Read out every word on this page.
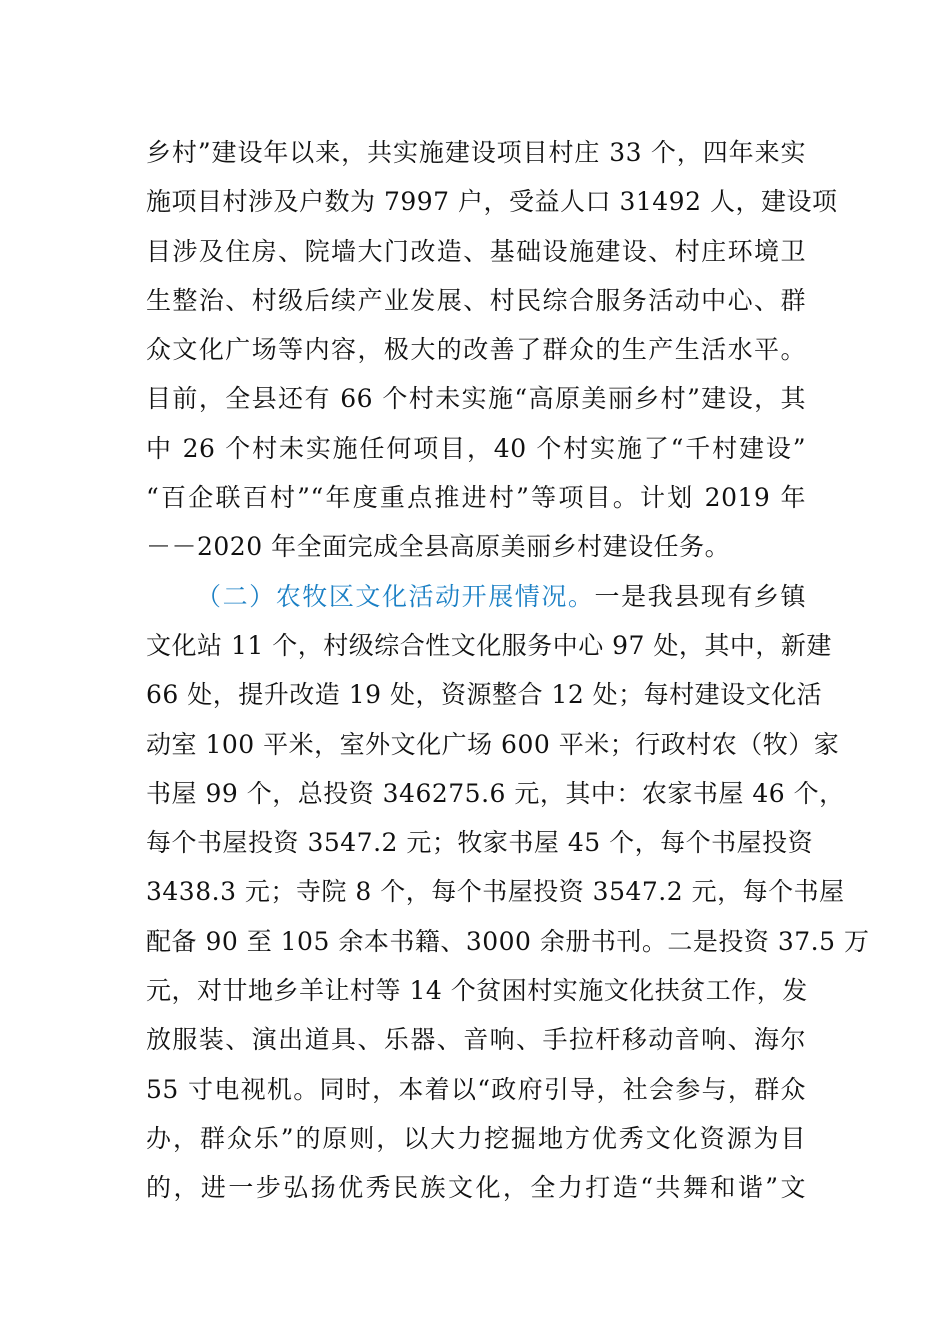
乡村”建设年以来，共实施建设项目村庄 33 个，四年来实
施项目村涉及户数为 7997 户，受益人口 31492 人，建设项
目涉及住房、院墙大门改造、基础设施建设、村庄环境卫
生整治、村级后续产业发展、村民综合服务活动中心、群
众文化广场等内容，极大的改善了群众的生产生活水平。
目前，全县还有 66 个村未实施“高原美丽乡村”建设，其
中 26 个村未实施任何项目，40 个村实施了“千村建设”
“百企联百村”“年度重点推进村”等项目。计划 2019 年
－－2020 年全面完成全县高原美丽乡村建设任务。
（二）农牧区文化活动开展情况。一是我县现有乡镇
文化站 11 个，村级综合性文化服务中心 97 处，其中，新建
66 处，提升改造 19 处，资源整合 12 处；每村建设文化活
动室 100 平米，室外文化广场 600 平米；行政村农（牧）家
书屋 99 个，总投资 346275.6 元，其中：农家书屋 46 个，
每个书屋投资 3547.2 元；牧家书屋 45 个，每个书屋投资
3438.3 元；寺院 8 个，每个书屋投资 3547.2 元，每个书屋
配备 90 至 105 余本书籍、3000 余册书刊。二是投资 37.5 万
元，对廿地乡羊让村等 14 个贫困村实施文化扶贫工作，发
放服装、演出道具、乐器、音响、手拉杆移动音响、海尔
55 寸电视机。同时，本着以“政府引导，社会参与，群众
办，群众乐”的原则，以大力挖掘地方优秀文化资源为目
的，进一步弘扬优秀民族文化，全力打造“共舞和谐”文
